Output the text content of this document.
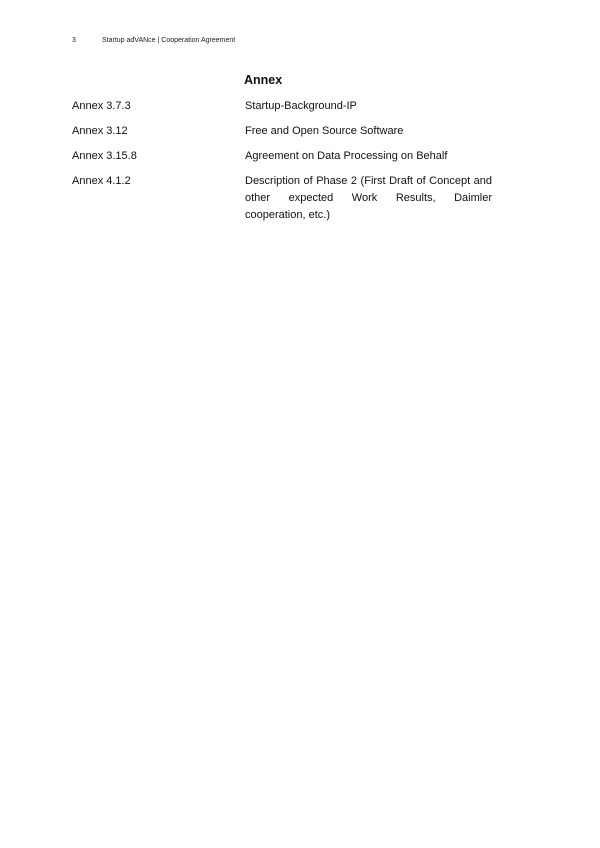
3	Startup adVANce | Cooperation Agreement
Annex
Annex 3.7.3	Startup-Background-IP
Annex 3.12	Free and Open Source Software
Annex 3.15.8	Agreement on Data Processing on Behalf
Annex 4.1.2	Description of Phase 2 (First Draft of Concept and other expected Work Results, Daimler cooperation, etc.)
